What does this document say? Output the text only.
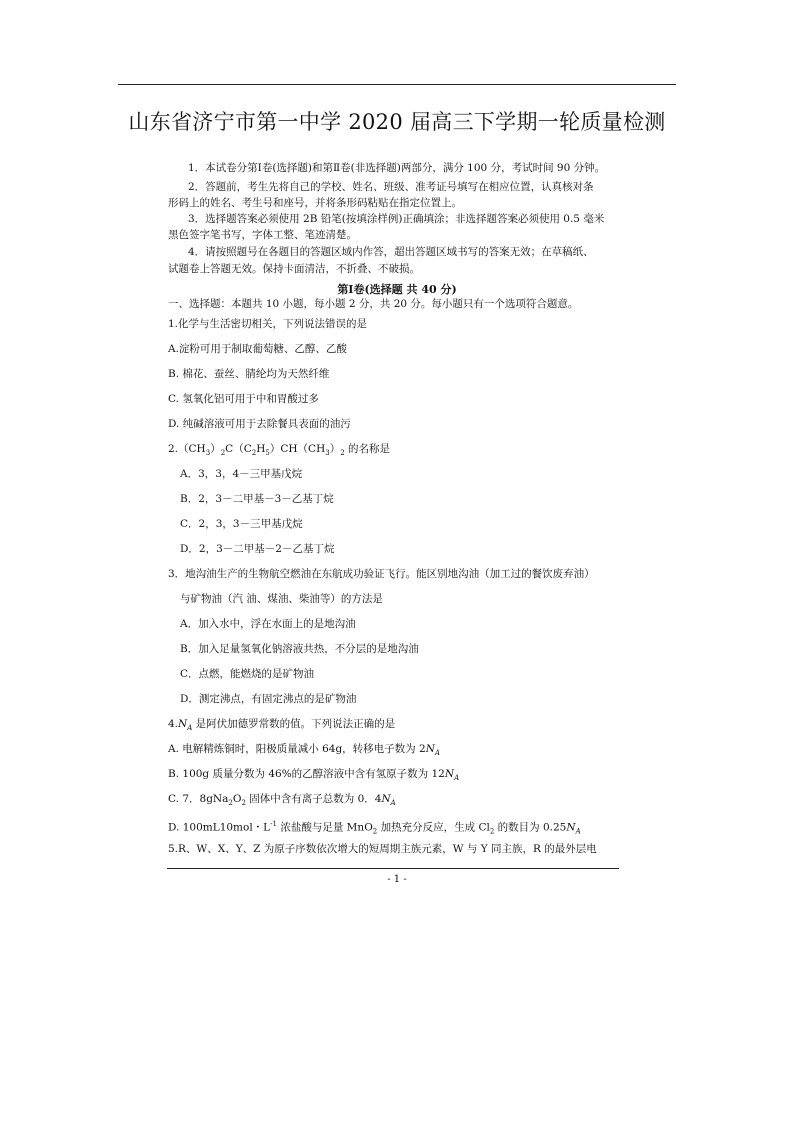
山东省济宁市第一中学 2020 届高三下学期一轮质量检测
1．本试卷分第Ⅰ卷(选择题)和第Ⅱ卷(非选择题)两部分，满分 100 分，考试时间 90 分钟。
2．答题前，考生先将自己的学校、姓名、班级、准考证号填写在相应位置，认真核对条
形码上的姓名、考生号和座号，并将条形码粘贴在指定位置上。
3．选择题答案必须使用 2B 铅笔(按填涂样例)正确填涂；非选择题答案必须使用 0.5 毫米
黑色签字笔书写，字体工整、笔迹清楚。
4．请按照题号在各题目的答题区域内作答，超出答题区域书写的答案无效；在草稿纸、
试题卷上答题无效。保持卡面清洁，不折叠、不破损。
第Ⅰ卷(选择题 共 40 分)
一、选择题：本题共 10 小题，每小题 2 分，共 20 分。每小题只有一个选项符合题意。
1.化学与生活密切相关，下列说法错误的是
A.淀粉可用于制取葡萄糖、乙醇、乙酸
B. 棉花、蚕丝、腈纶均为天然纤维
C. 氢氧化铝可用于中和胃酸过多
D. 纯碱溶液可用于去除餐具表面的油污
$2.(CH_3)_2C(C_2H_5)CH(CH_3)_2$ 的名称是
A．3，3，4－三甲基戊烷
B．2，3－二甲基－3－乙基丁烷
C．2，3，3－三甲基戊烷
D．2，3－二甲基－2－乙基丁烷
3．地沟油生产的生物航空燃油在东航成功验证飞行。能区别地沟油（加工过的餐饮废弃油）
与矿物油（汽 油、煤油、柴油等）的方法是
A．加入水中，浮在水面上的是地沟油
B．加入足量氢氧化钠溶液共热，不分层的是地沟油
C．点燃，能燃烧的是矿物油
D．测定沸点，有固定沸点的是矿物油
$4.N_A$ 是阿伏加德罗常数的值。下列说法正确的是
A. 电解精炼铜时，阳极质量减小 64g，转移电子数为 $2N_A$
B. 100g 质量分数为 46%的乙醇溶液中含有氢原子数为 $12N_A$
C. 7．$8gNa_2O_2$ 固体中含有离子总数为 0．$4N_A$
D. 100mL10mol・$L^{-1}$ 浓盐酸与足量 MnO$_2$ 加热充分反应，生成 $Cl_2$ 的数目为 $0.25N_A$
5.R、W、X、Y、Z 为原子序数依次增大的短周期主族元素，W 与 Y 同主族，R 的最外层电
- 1 -
